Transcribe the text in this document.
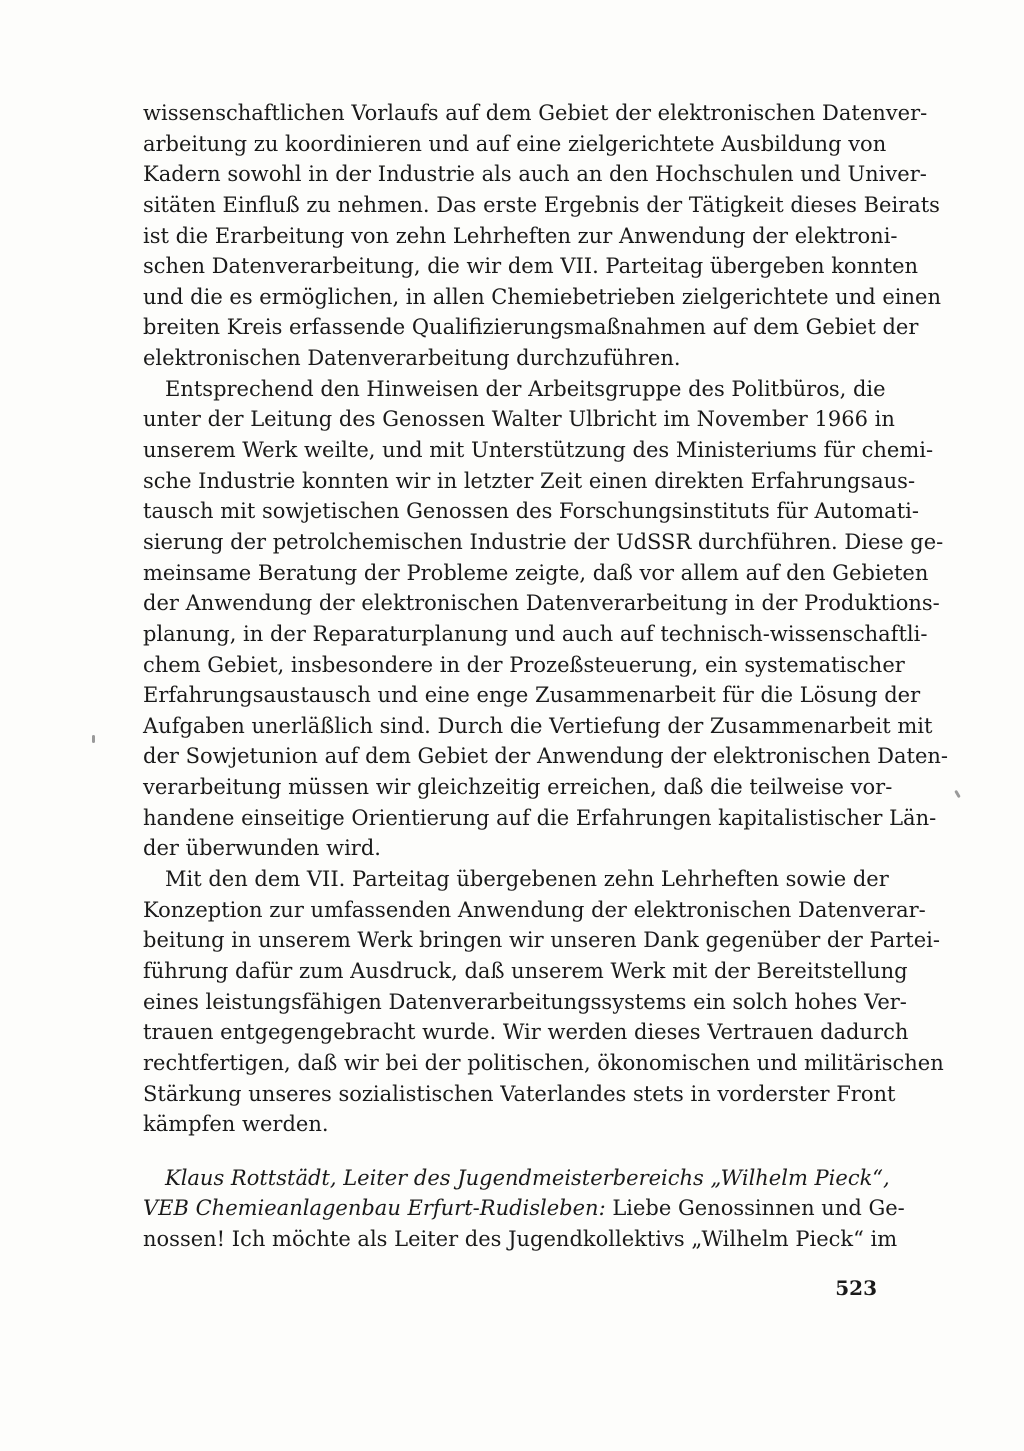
wissenschaftlichen Vorlaufs auf dem Gebiet der elektronischen Datenver-
arbeitung zu koordinieren und auf eine zielgerichtete Ausbildung von
Kadern sowohl in der Industrie als auch an den Hochschulen und Univer-
sitäten Einfluß zu nehmen. Das erste Ergebnis der Tätigkeit dieses Beirats
ist die Erarbeitung von zehn Lehrheften zur Anwendung der elektroni-
schen Datenverarbeitung, die wir dem VII. Parteitag übergeben konnten
und die es ermöglichen, in allen Chemiebetrieben zielgerichtete und einen
breiten Kreis erfassende Qualifizierungsmaßnahmen auf dem Gebiet der
elektronischen Datenverarbeitung durchzuführen.
Entsprechend den Hinweisen der Arbeitsgruppe des Politbüros, die
unter der Leitung des Genossen Walter Ulbricht im November 1966 in
unserem Werk weilte, und mit Unterstützung des Ministeriums für chemi-
sche Industrie konnten wir in letzter Zeit einen direkten Erfahrungsaus-
tausch mit sowjetischen Genossen des Forschungsinstituts für Automati-
sierung der petrolchemischen Industrie der UdSSR durchführen. Diese ge-
meinsame Beratung der Probleme zeigte, daß vor allem auf den Gebieten
der Anwendung der elektronischen Datenverarbeitung in der Produktions-
planung, in der Reparaturplanung und auch auf technisch-wissenschaftli-
chem Gebiet, insbesondere in der Prozeßsteuerung, ein systematischer
Erfahrungsaustausch und eine enge Zusammenarbeit für die Lösung der
Aufgaben unerläßlich sind. Durch die Vertiefung der Zusammenarbeit mit
der Sowjetunion auf dem Gebiet der Anwendung der elektronischen Daten-
verarbeitung müssen wir gleichzeitig erreichen, daß die teilweise vor-
handene einseitige Orientierung auf die Erfahrungen kapitalistischer Län-
der überwunden wird.
Mit den dem VII. Parteitag übergebenen zehn Lehrheften sowie der
Konzeption zur umfassenden Anwendung der elektronischen Datenverar-
beitung in unserem Werk bringen wir unseren Dank gegenüber der Partei-
führung dafür zum Ausdruck, daß unserem Werk mit der Bereitstellung
eines leistungsfähigen Datenverarbeitungssystems ein solch hohes Ver-
trauen entgegengebracht wurde. Wir werden dieses Vertrauen dadurch
rechtfertigen, daß wir bei der politischen, ökonomischen und militärischen
Stärkung unseres sozialistischen Vaterlandes stets in vorderster Front
kämpfen werden.
Klaus Rottstädt, Leiter des Jugendmeisterbereichs „Wilhelm Pieck“,
VEB Chemieanlagenbau Erfurt-Rudisleben: Liebe Genossinnen und Ge-
nossen! Ich möchte als Leiter des Jugendkollektivs „Wilhelm Pieck“ im
523
